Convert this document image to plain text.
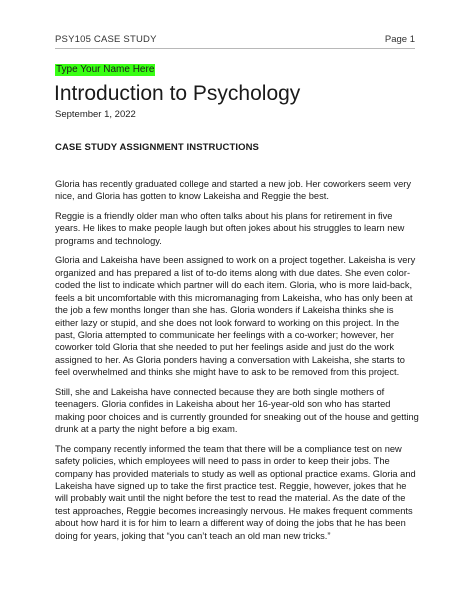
PSY105 CASE STUDY	Page 1
Type Your Name Here
Introduction to Psychology
September 1, 2022
CASE STUDY ASSIGNMENT INSTRUCTIONS

Gloria has recently graduated college and started a new job. Her coworkers seem very nice, and Gloria has gotten to know Lakeisha and Reggie the best.

Reggie is a friendly older man who often talks about his plans for retirement in five years. He likes to make people laugh but often jokes about his struggles to learn new programs and technology.

Gloria and Lakeisha have been assigned to work on a project together. Lakeisha is very organized and has prepared a list of to-do items along with due dates. She even color-coded the list to indicate which partner will do each item. Gloria, who is more laid-back, feels a bit uncomfortable with this micromanaging from Lakeisha, who has only been at the job a few months longer than she has. Gloria wonders if Lakeisha thinks she is either lazy or stupid, and she does not look forward to working on this project. In the past, Gloria attempted to communicate her feelings with a co-worker; however, her coworker told Gloria that she needed to put her feelings aside and just do the work assigned to her. As Gloria ponders having a conversation with Lakeisha, she starts to feel overwhelmed and thinks she might have to ask to be removed from this project.

Still, she and Lakeisha have connected because they are both single mothers of teenagers. Gloria confides in Lakeisha about her 16-year-old son who has started making poor choices and is currently grounded for sneaking out of the house and getting drunk at a party the night before a big exam.

The company recently informed the team that there will be a compliance test on new safety policies, which employees will need to pass in order to keep their jobs. The company has provided materials to study as well as optional practice exams. Gloria and Lakeisha have signed up to take the first practice test. Reggie, however, jokes that he will probably wait until the night before the test to read the material. As the date of the test approaches, Reggie becomes increasingly nervous. He makes frequent comments about how hard it is for him to learn a different way of doing the jobs that he has been doing for years, joking that “you can’t teach an old man new tricks.”
